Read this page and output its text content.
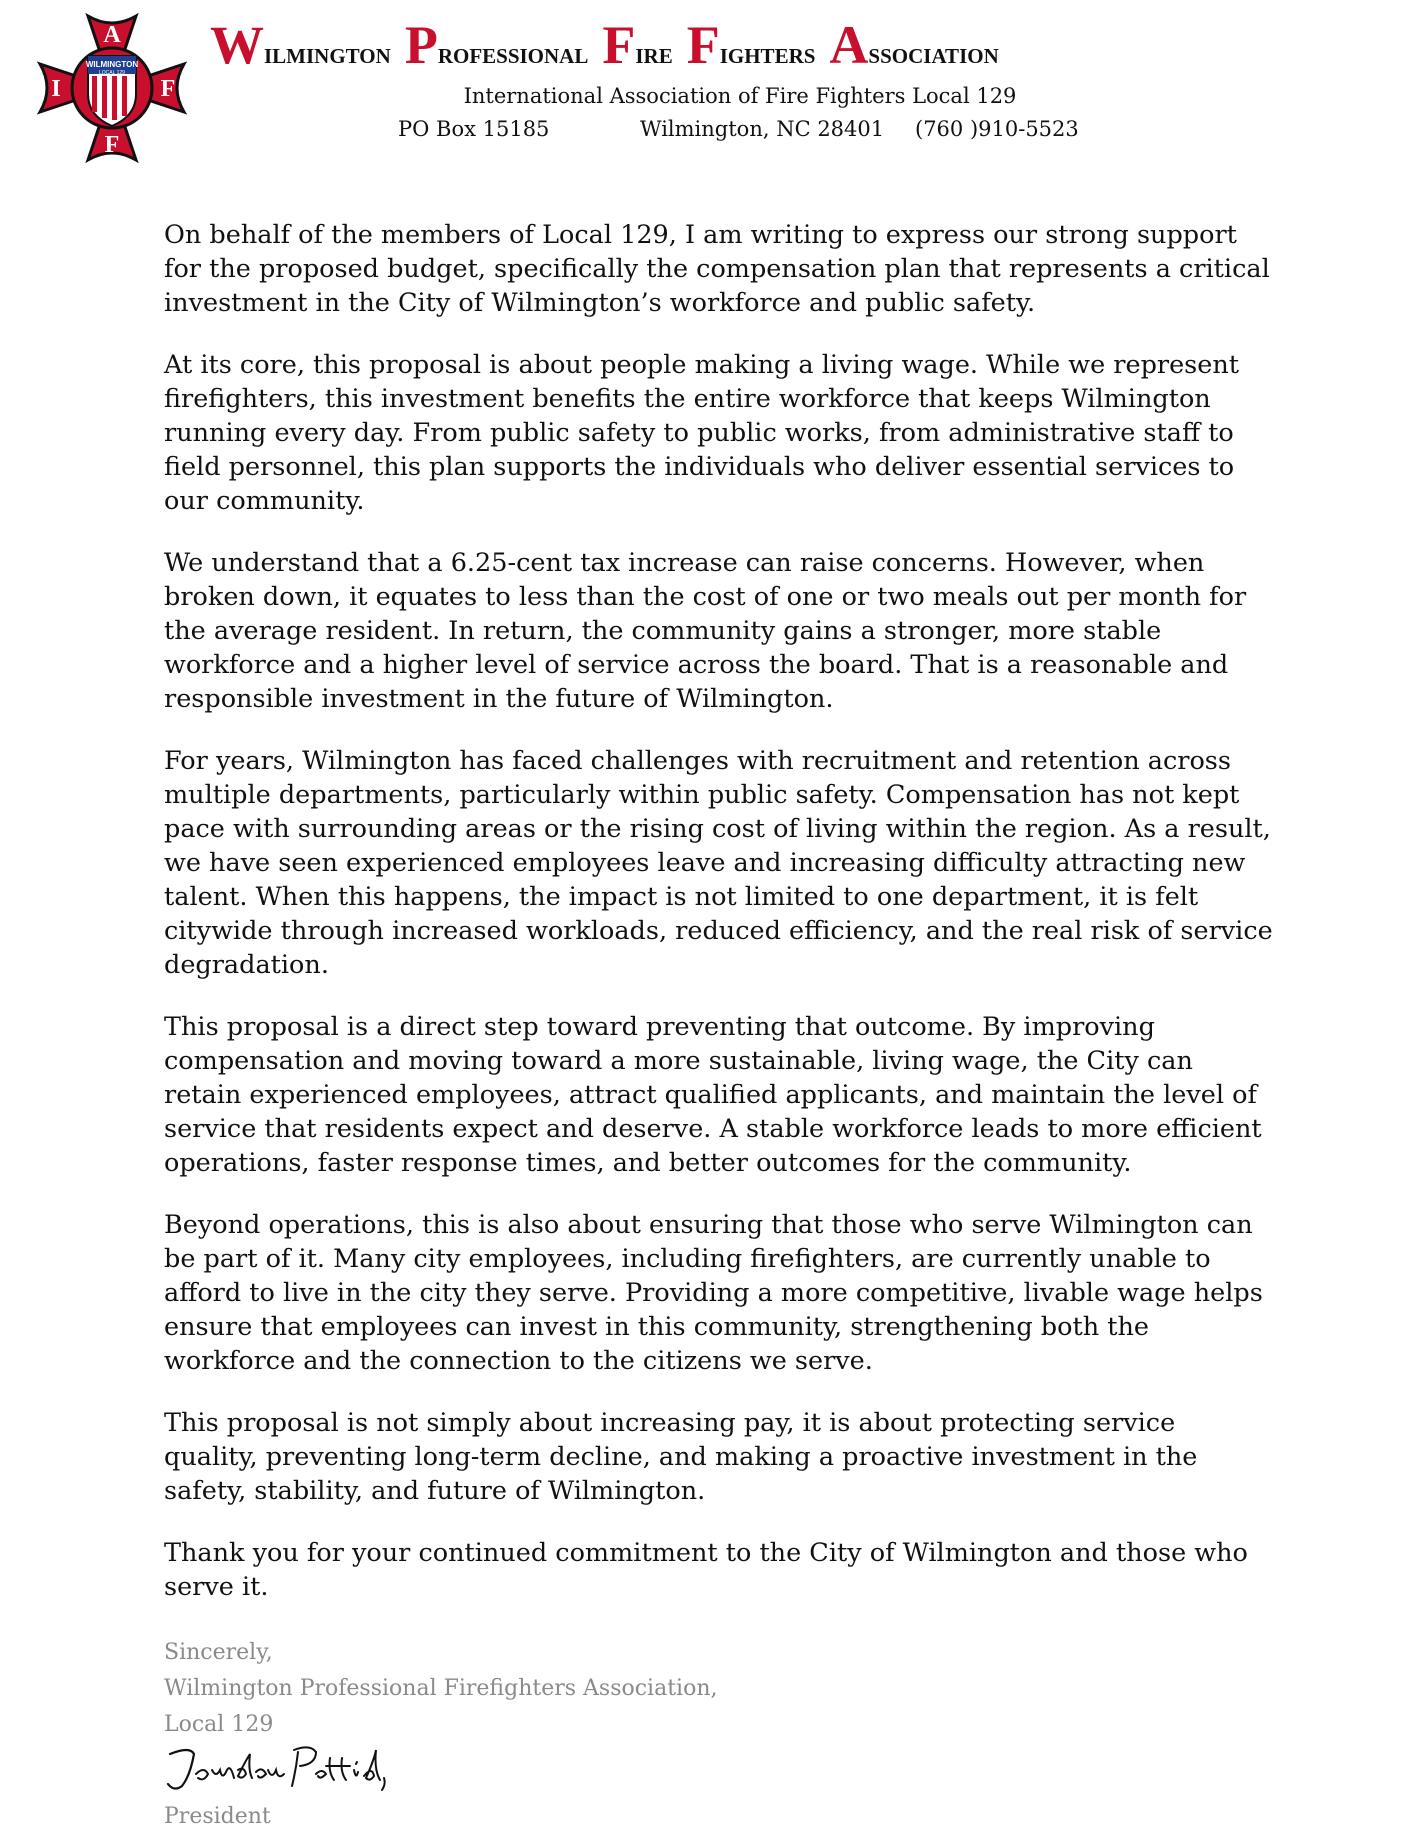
A
I	F
F
WILMINGTON
LOCAL 129 Wilmington Professional Fire Fighters Association
International Association of Fire Fighters Local 129
PO Box 15185	Wilmington, NC 28401 (760 )910-5523

On behalf of the members of Local 129, I am writing to express our strong support for the proposed budget, specifically the compensation plan that represents a critical investment in the City of Wilmington’s workforce and public safety.

At its core, this proposal is about people making a living wage. While we represent firefighters, this investment benefits the entire workforce that keeps Wilmington running every day. From public safety to public works, from administrative staff to field personnel, this plan supports the individuals who deliver essential services to our community.

We understand that a 6.25-cent tax increase can raise concerns. However, when broken down, it equates to less than the cost of one or two meals out per month for the average resident. In return, the community gains a stronger, more stable workforce and a higher level of service across the board. That is a reasonable and responsible investment in the future of Wilmington.

For years, Wilmington has faced challenges with recruitment and retention across multiple departments, particularly within public safety. Compensation has not kept pace with surrounding areas or the rising cost of living within the region. As a result, we have seen experienced employees leave and increasing difficulty attracting new talent. When this happens, the impact is not limited to one department, it is felt citywide through increased workloads, reduced efficiency, and the real risk of service degradation.

This proposal is a direct step toward preventing that outcome. By improving compensation and moving toward a more sustainable, living wage, the City can retain experienced employees, attract qualified applicants, and maintain the level of service that residents expect and deserve. A stable workforce leads to more efficient operations, faster response times, and better outcomes for the community.

Beyond operations, this is also about ensuring that those who serve Wilmington can be part of it. Many city employees, including firefighters, are currently unable to afford to live in the city they serve. Providing a more competitive, livable wage helps ensure that employees can invest in this community, strengthening both the workforce and the connection to the citizens we serve.

This proposal is not simply about increasing pay, it is about protecting service quality, preventing long-term decline, and making a proactive investment in the safety, stability, and future of Wilmington.

Thank you for your continued commitment to the City of Wilmington and those who serve it.

Sincerely,
Wilmington Professional Firefighters Association,
Local 129
President
